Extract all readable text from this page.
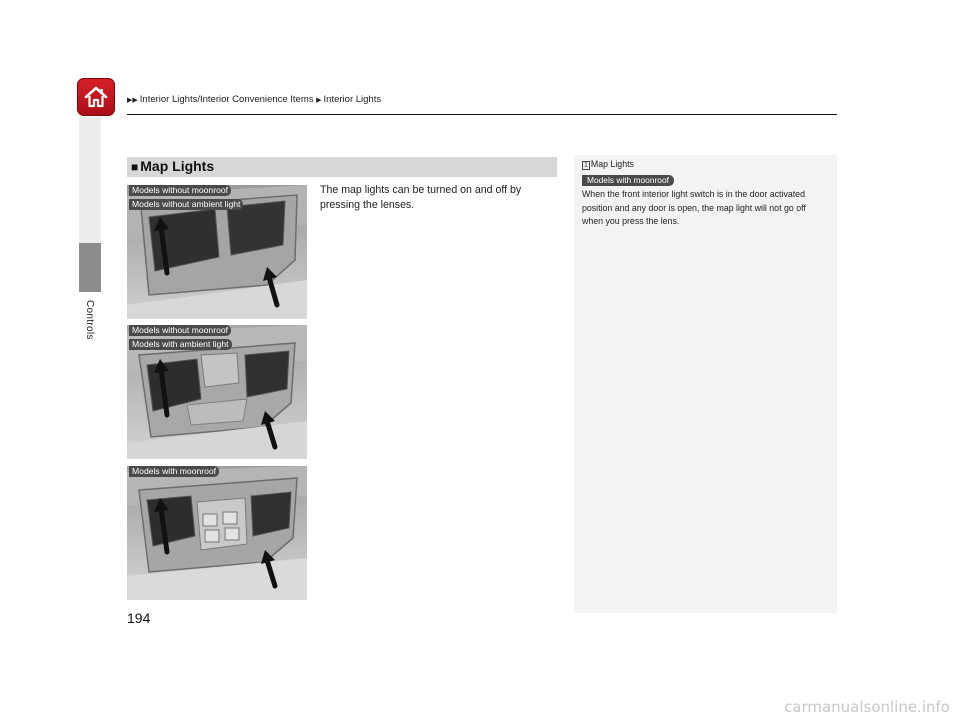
▶▶ Interior Lights/Interior Convenience Items ▶ Interior Lights
Controls
■ Map Lights
The map lights can be turned on and off by pressing the lenses.
Models without moonroof
Models without ambient light
Models without moonroof
Models with ambient light
Models with moonroof
1 Map Lights
Models with moonroof
When the front interior light switch is in the door activated position and any door is open, the map light will not go off when you press the lens.
194
carmanualsonline.info
